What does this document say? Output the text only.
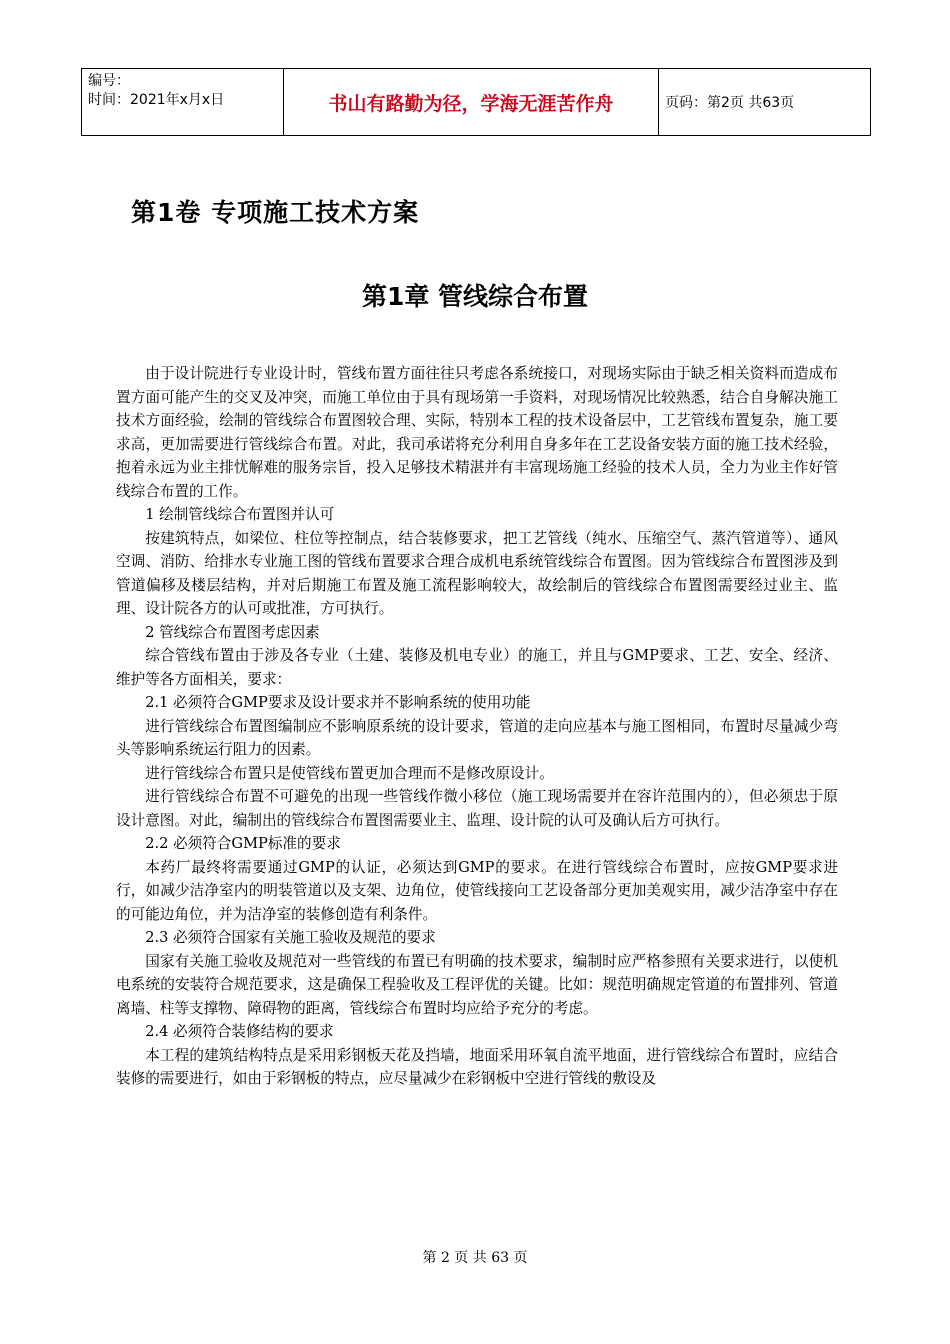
编号：
时间：2021年x月x日	书山有路勤为径，学海无涯苦作舟	页码：第2页 共63页
第1卷 专项施工技术方案
第1章 管线综合布置

由于设计院进行专业设计时，管线布置方面往往只考虑各系统接口，对现场实际由于缺乏相关资料而造成布置方面可能产生的交叉及冲突，而施工单位由于具有现场第一手资料，对现场情况比较熟悉，结合自身解决施工技术方面经验，绘制的管线综合布置图较合理、实际，特别本工程的技术设备层中，工艺管线布置复杂，施工要求高，更加需要进行管线综合布置。对此，我司承诺将充分利用自身多年在工艺设备安装方面的施工技术经验，抱着永远为业主排忧解难的服务宗旨，投入足够技术精湛并有丰富现场施工经验的技术人员，全力为业主作好管线综合布置的工作。

1 绘制管线综合布置图并认可

按建筑特点，如梁位、柱位等控制点，结合装修要求，把工艺管线（纯水、压缩空气、蒸汽管道等）、通风空调、消防、给排水专业施工图的管线布置要求合理合成机电系统管线综合布置图。因为管线综合布置图涉及到管道偏移及楼层结构，并对后期施工布置及施工流程影响较大，故绘制后的管线综合布置图需要经过业主、监理、设计院各方的认可或批准，方可执行。

2 管线综合布置图考虑因素

综合管线布置由于涉及各专业（土建、装修及机电专业）的施工，并且与GMP要求、工艺、安全、经济、维护等各方面相关，要求：

2.1 必须符合GMP要求及设计要求并不影响系统的使用功能

进行管线综合布置图编制应不影响原系统的设计要求，管道的走向应基本与施工图相同，布置时尽量减少弯头等影响系统运行阻力的因素。

进行管线综合布置只是使管线布置更加合理而不是修改原设计。

进行管线综合布置不可避免的出现一些管线作微小移位（施工现场需要并在容许范围内的），但必须忠于原设计意图。对此，编制出的管线综合布置图需要业主、监理、设计院的认可及确认后方可执行。

2.2 必须符合GMP标准的要求

本药厂最终将需要通过GMP的认证，必须达到GMP的要求。在进行管线综合布置时，应按GMP要求进行，如减少洁净室内的明装管道以及支架、边角位，使管线接向工艺设备部分更加美观实用，减少洁净室中存在的可能边角位，并为洁净室的装修创造有利条件。

2.3 必须符合国家有关施工验收及规范的要求

国家有关施工验收及规范对一些管线的布置已有明确的技术要求，编制时应严格参照有关要求进行，以使机电系统的安装符合规范要求，这是确保工程验收及工程评优的关键。比如：规范明确规定管道的布置排列、管道离墙、柱等支撑物、障碍物的距离，管线综合布置时均应给予充分的考虑。

2.4 必须符合装修结构的要求

本工程的建筑结构特点是采用彩钢板天花及挡墙，地面采用环氧自流平地面，进行管线综合布置时，应结合装修的需要进行，如由于彩钢板的特点，应尽量减少在彩钢板中空进行管线的敷设及

第 2 页 共 63 页
